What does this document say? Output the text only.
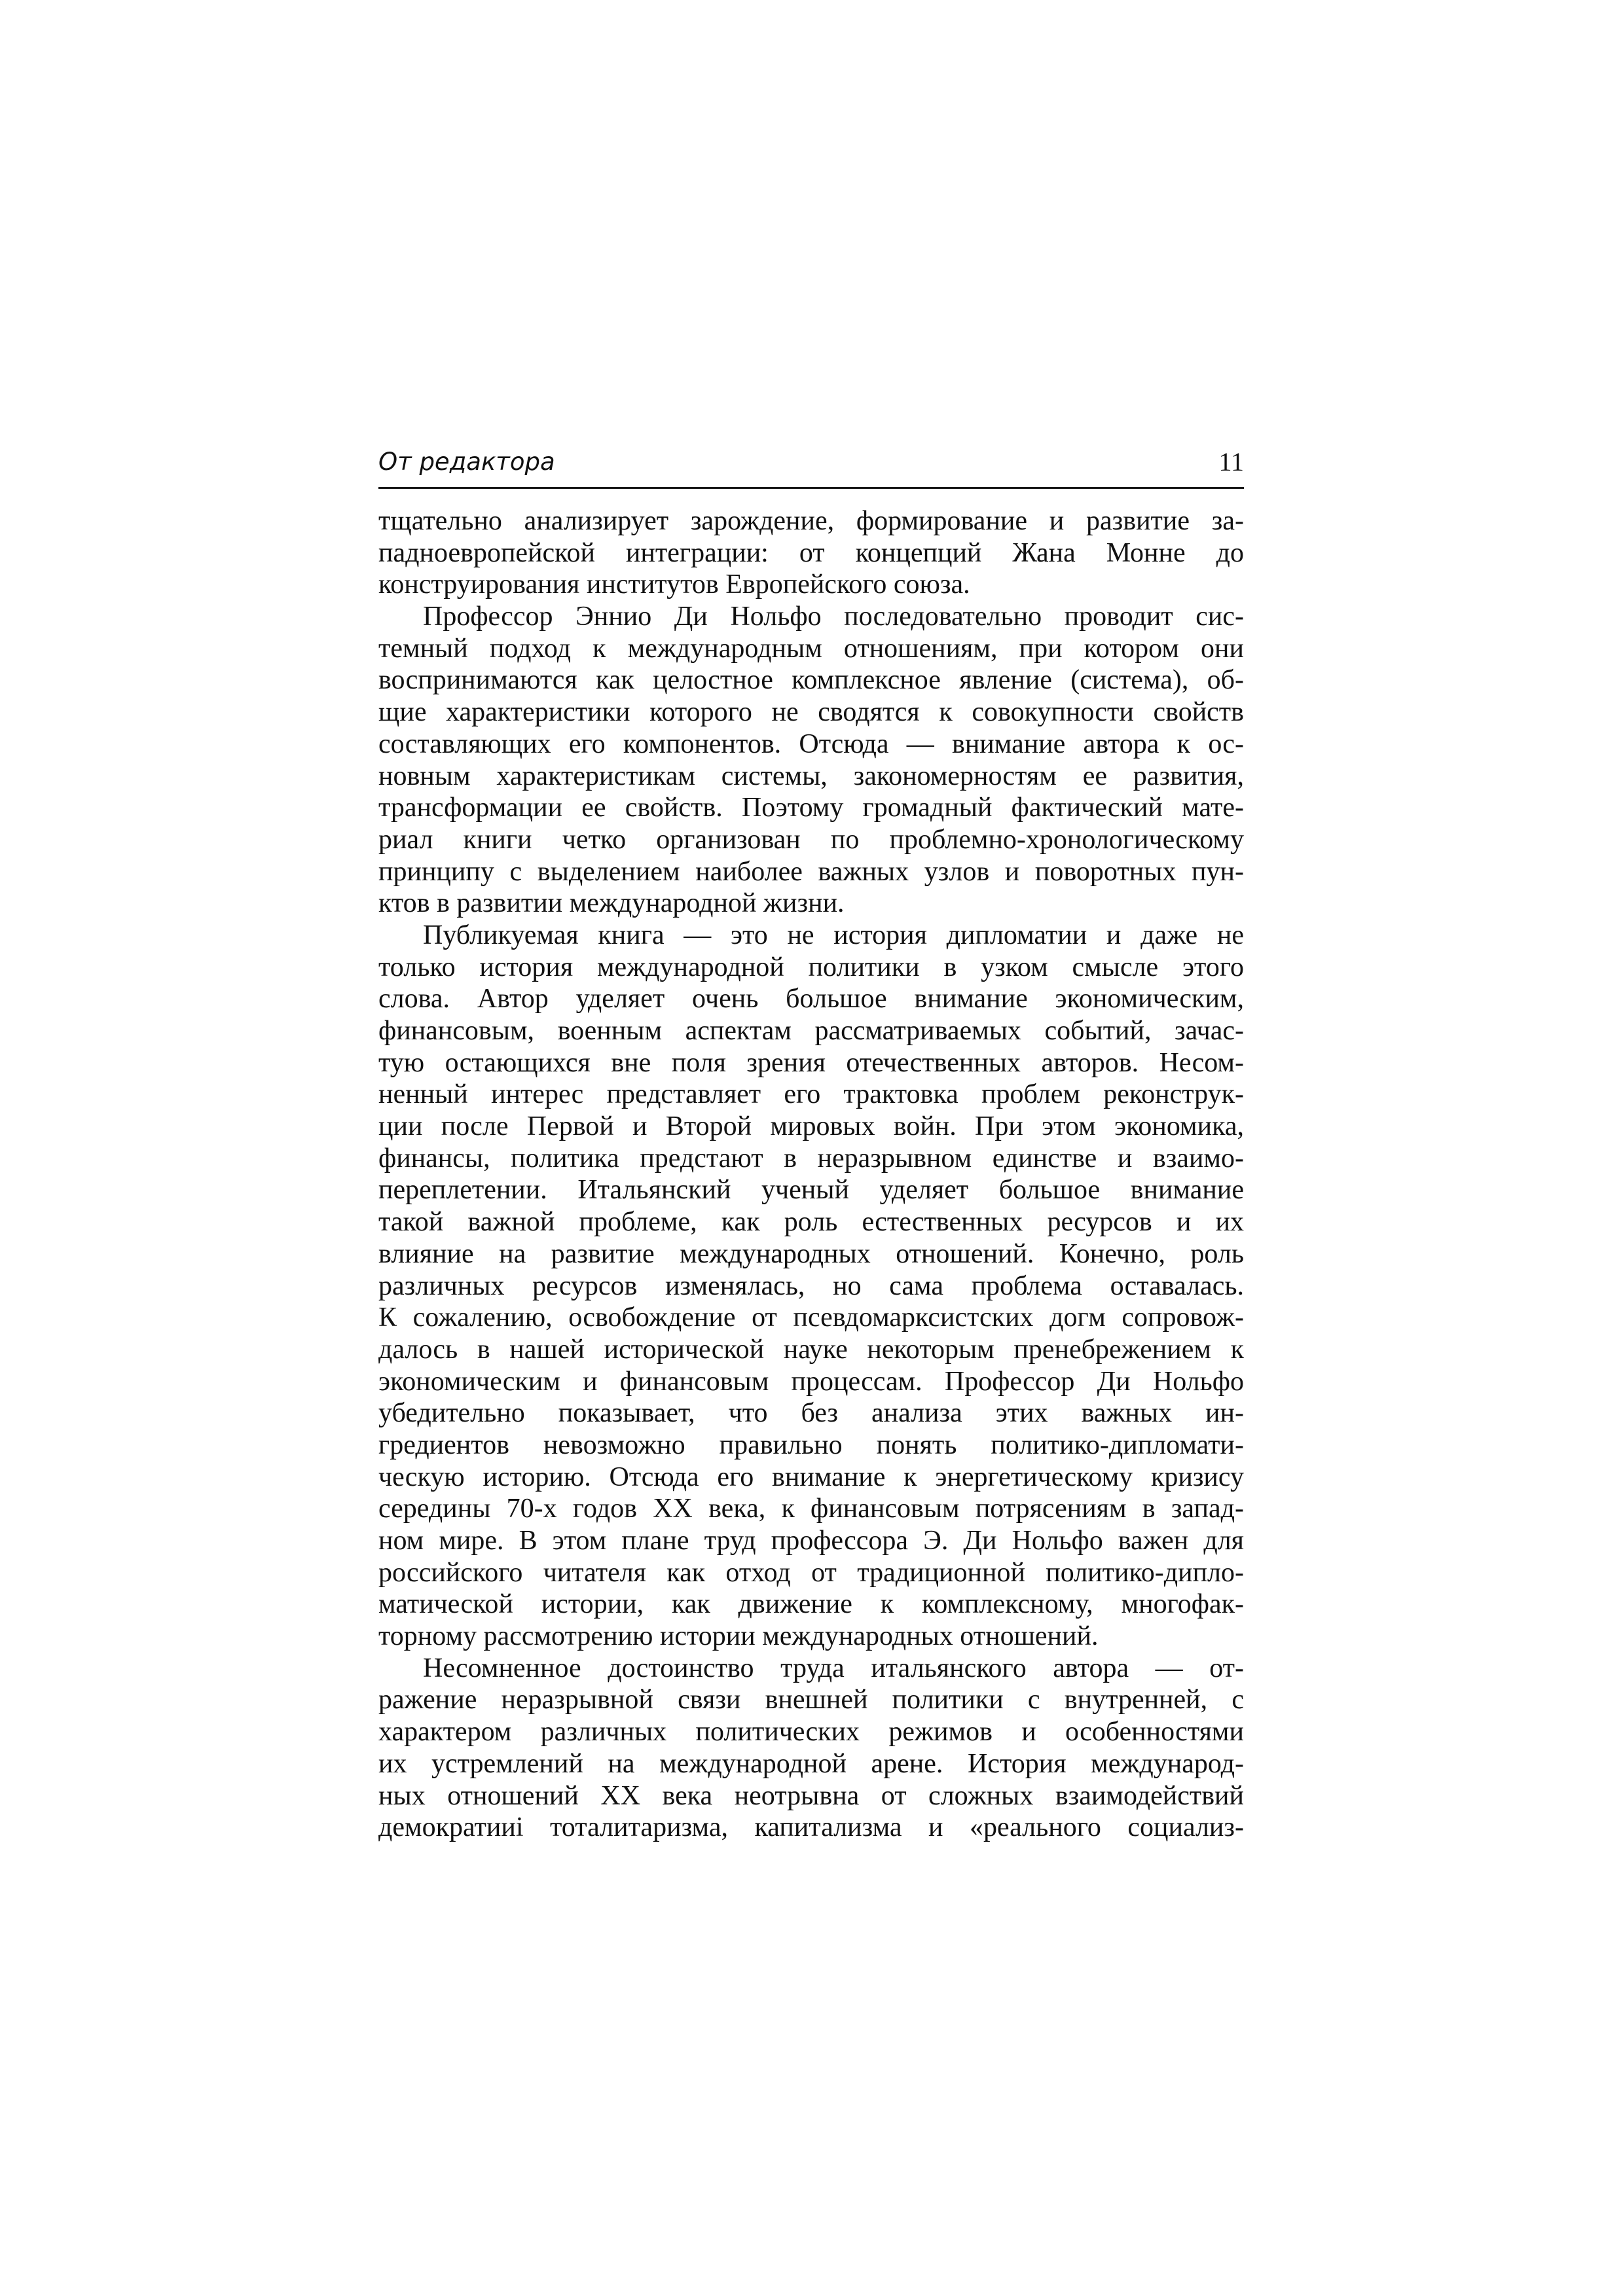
От редактора	11
тщательно анализирует зарождение, формирование и развитие за-
падноевропейской интеграции: от концепций Жана Монне до
конструирования институтов Европейского союза.
Профессор Эннио Ди Нольфо последовательно проводит сис-
темный подход к международным отношениям, при котором они
воспринимаются как целостное комплексное явление (система), об-
щие характеристики которого не сводятся к совокупности свойств
составляющих его компонентов. Отсюда — внимание автора к ос-
новным характеристикам системы, закономерностям ее развития,
трансформации ее свойств. Поэтому громадный фактический мате-
риал книги четко организован по проблемно-хронологическому
принципу с выделением наиболее важных узлов и поворотных пун-
ктов в развитии международной жизни.
Публикуемая книга — это не история дипломатии и даже не
только история международной политики в узком смысле этого
слова. Автор уделяет очень большое внимание экономическим,
финансовым, военным аспектам рассматриваемых событий, зачас-
тую остающихся вне поля зрения отечественных авторов. Несом-
ненный интерес представляет его трактовка проблем реконструк-
ции после Первой и Второй мировых войн. При этом экономика,
финансы, политика предстают в неразрывном единстве и взаимо-
переплетении. Итальянский ученый уделяет большое внимание
такой важной проблеме, как роль естественных ресурсов и их
влияние на развитие международных отношений. Конечно, роль
различных ресурсов изменялась, но сама проблема оставалась.
К сожалению, освобождение от псевдомарксистских догм сопровож-
далось в нашей исторической науке некоторым пренебрежением к
экономическим и финансовым процессам. Профессор Ди Нольфо
убедительно показывает, что без анализа этих важных ин-
гредиентов невозможно правильно понять политико-дипломати-
ческую историю. Отсюда его внимание к энергетическому кризису
середины 70-х годов XX века, к финансовым потрясениям в запад-
ном мире. В этом плане труд профессора Э. Ди Нольфо важен для
российского читателя как отход от традиционной политико-дипло-
матической истории, как движение к комплексному, многофак-
торному рассмотрению истории международных отношений.
Несомненное достоинство труда итальянского автора — от-
ражение неразрывной связи внешней политики с внутренней, с
характером различных политических режимов и особенностями
их устремлений на международной арене. История международ-
ных отношений XX века неотрывна от сложных взаимодействий
демократииi тоталитаризма, капитализма и «реального социализ-
